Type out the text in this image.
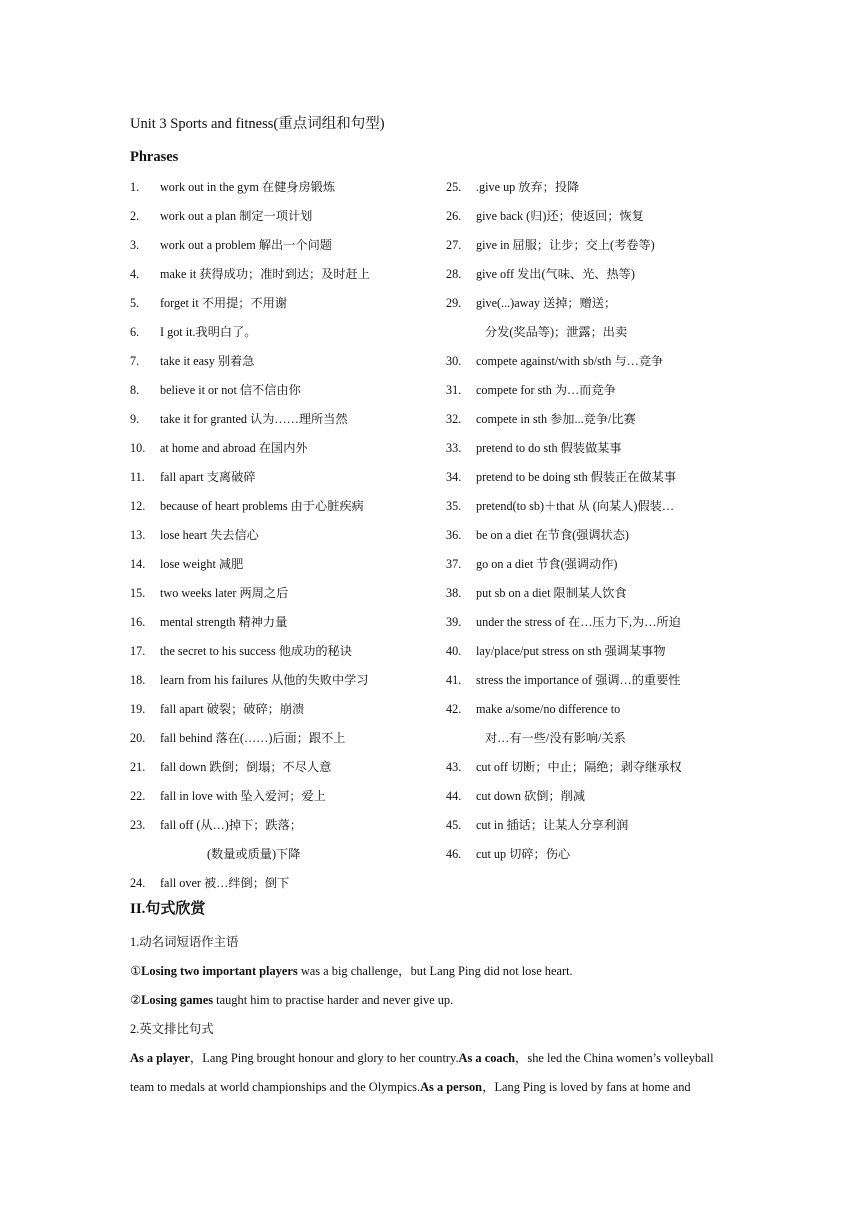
Unit 3 Sports and fitness(重点词组和句型)
Phrases
1. work out in the gym 在健身房锻炼
2. work out a plan 制定一项计划
3. work out a problem 解出一个问题
4. make it 获得成功；准时到达；及时赶上
5. forget it 不用提；不用谢
6. I got it.我明白了。
7. take it easy 别着急
8. believe it or not 信不信由你
9. take it for granted 认为……理所当然
10. at home and abroad 在国内外
11. fall apart 支离破碎
12. because of heart problems 由于心脏疾病
13. lose heart 失去信心
14. lose weight 减肥
15. two weeks later 两周之后
16. mental strength 精神力量
17. the secret to his success 他成功的秘诀
18. learn from his failures 从他的失败中学习
19. fall apart 破裂；破碎；崩溃
20. fall behind 落在(……)后面；跟不上
21. fall down 跌倒；倒塌；不尽人意
22. fall in love with 坠入爱河；爱上
23. fall off (从…)掉下；跌落；
(数量或质量)下降
24. fall over 被…绊倒；倒下
25. .give up 放弃；投降
26. give back (归)还；使返回；恢复
27. give in 屈服；让步；交上(考卷等)
28. give off 发出(气味、光、热等)
29. give(...)away 送掉；赠送；
分发(奖品等)；泄露；出卖
30. compete against/with sb/sth 与…竞争
31. compete for sth 为…而竞争
32. compete in sth 参加...竞争/比赛
33. pretend to do sth 假装做某事
34. pretend to be doing sth 假装正在做某事
35. pretend(to sb)＋that 从 (向某人)假装…
36. be on a diet 在节食(强调状态)
37. go on a diet 节食(强调动作)
38. put sb on a diet 限制某人饮食
39. under the stress of 在…压力下,为…所迫
40. lay/place/put stress on sth 强调某事物
41. stress the importance of 强调…的重要性
42. make a/some/no difference to
对…有一些/没有影响/关系
43. cut off 切断；中止；隔绝；剥夺继承权
44. cut down 砍倒；削减
45. cut in 插话；让某人分享利润
46. cut up 切碎；伤心
II.句式欣赏
1.动名词短语作主语
①Losing two important players was a big challenge，but Lang Ping did not lose heart.
②Losing games taught him to practise harder and never give up.
2.英文排比句式
As a player，Lang Ping brought honour and glory to her country.As a coach，she led the China women’s volleyball
team to medals at world championships and the Olympics.As a person，Lang Ping is loved by fans at home and
